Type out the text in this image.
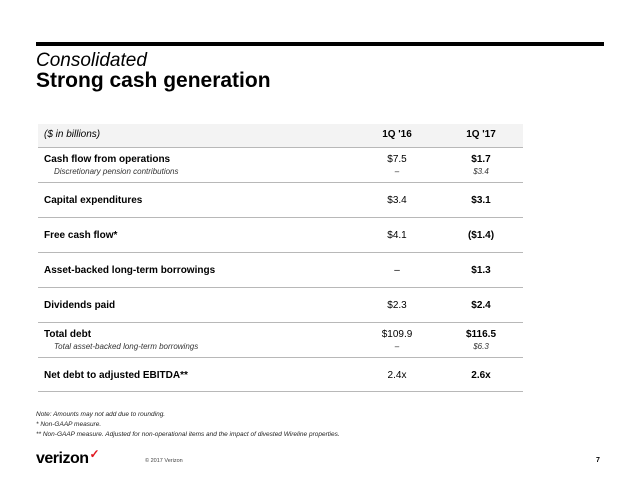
Consolidated
Strong cash generation
($ in billions)	1Q '16	1Q '17
Cash flow from operations	$7.5	$1.7
Discretionary pension contributions	–	$3.4
Capital expenditures	$3.4	$3.1
Free cash flow*	$4.1	($1.4)
Asset-backed long-term borrowings	–	$1.3
Dividends paid	$2.3	$2.4
Total debt	$109.9	$116.5
Total asset-backed long-term borrowings	–	$6.3
Net debt to adjusted EBITDA**	2.4x	2.6x
Note: Amounts may not add due to rounding.
* Non-GAAP measure.
** Non-GAAP measure. Adjusted for non-operational items and the impact of divested Wireline properties.
verizon✓	© 2017 Verizon	7
